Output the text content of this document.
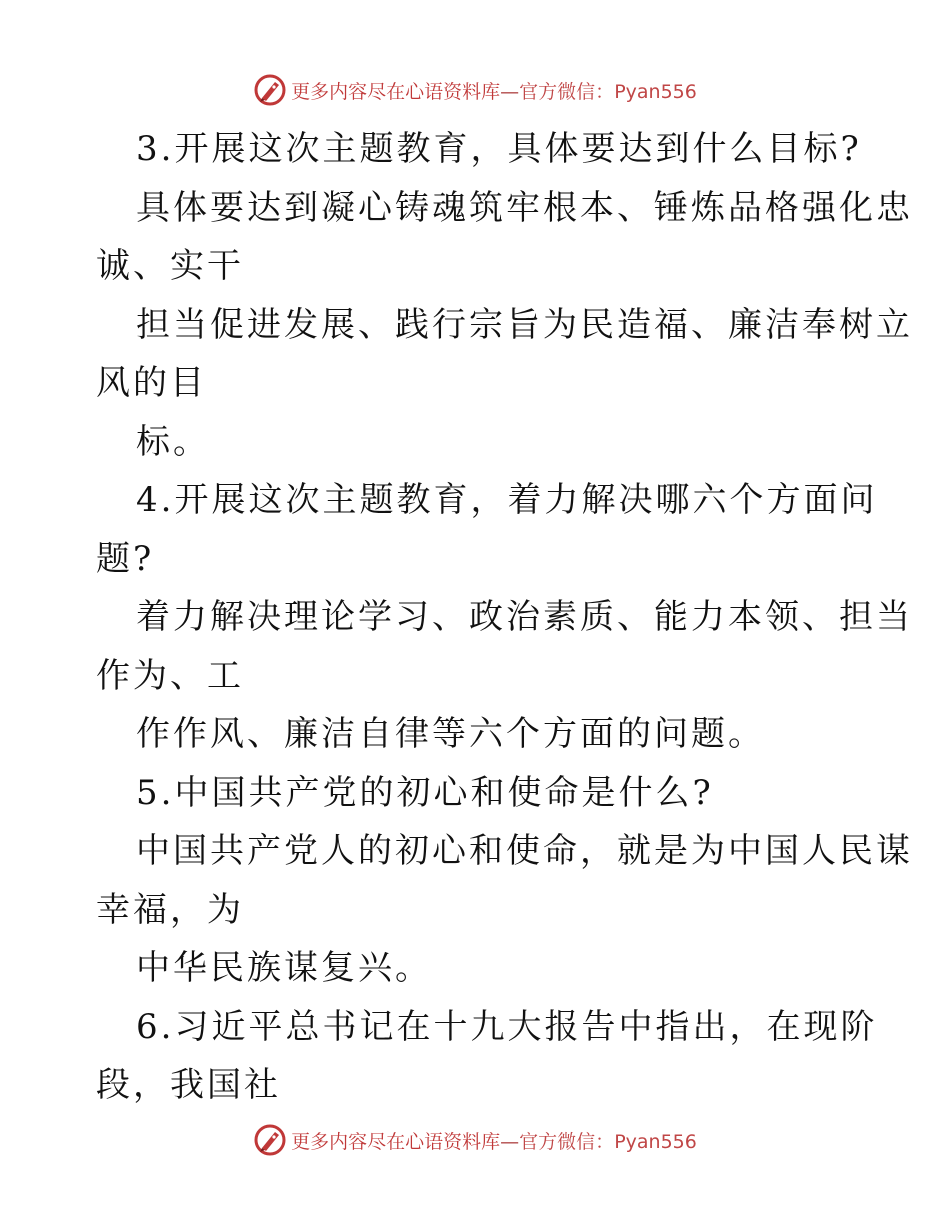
更多内容尽在心语资料库—官方微信：Pyan556
3.开展这次主题教育，具体要达到什么目标?
具体要达到凝心铸魂筑牢根本、锤炼品格强化忠
诚、实干
担当促进发展、践行宗旨为民造福、廉洁奉树立
风的目
标。
4.开展这次主题教育，着力解决哪六个方面问
题?
着力解决理论学习、政治素质、能力本领、担当
作为、工
作作风、廉洁自律等六个方面的问题。
5.中国共产党的初心和使命是什么?
中国共产党人的初心和使命，就是为中国人民谋
幸福，为
中华民族谋复兴。
6.习近平总书记在十九大报告中指出，在现阶
段，我国社
更多内容尽在心语资料库—官方微信：Pyan556
